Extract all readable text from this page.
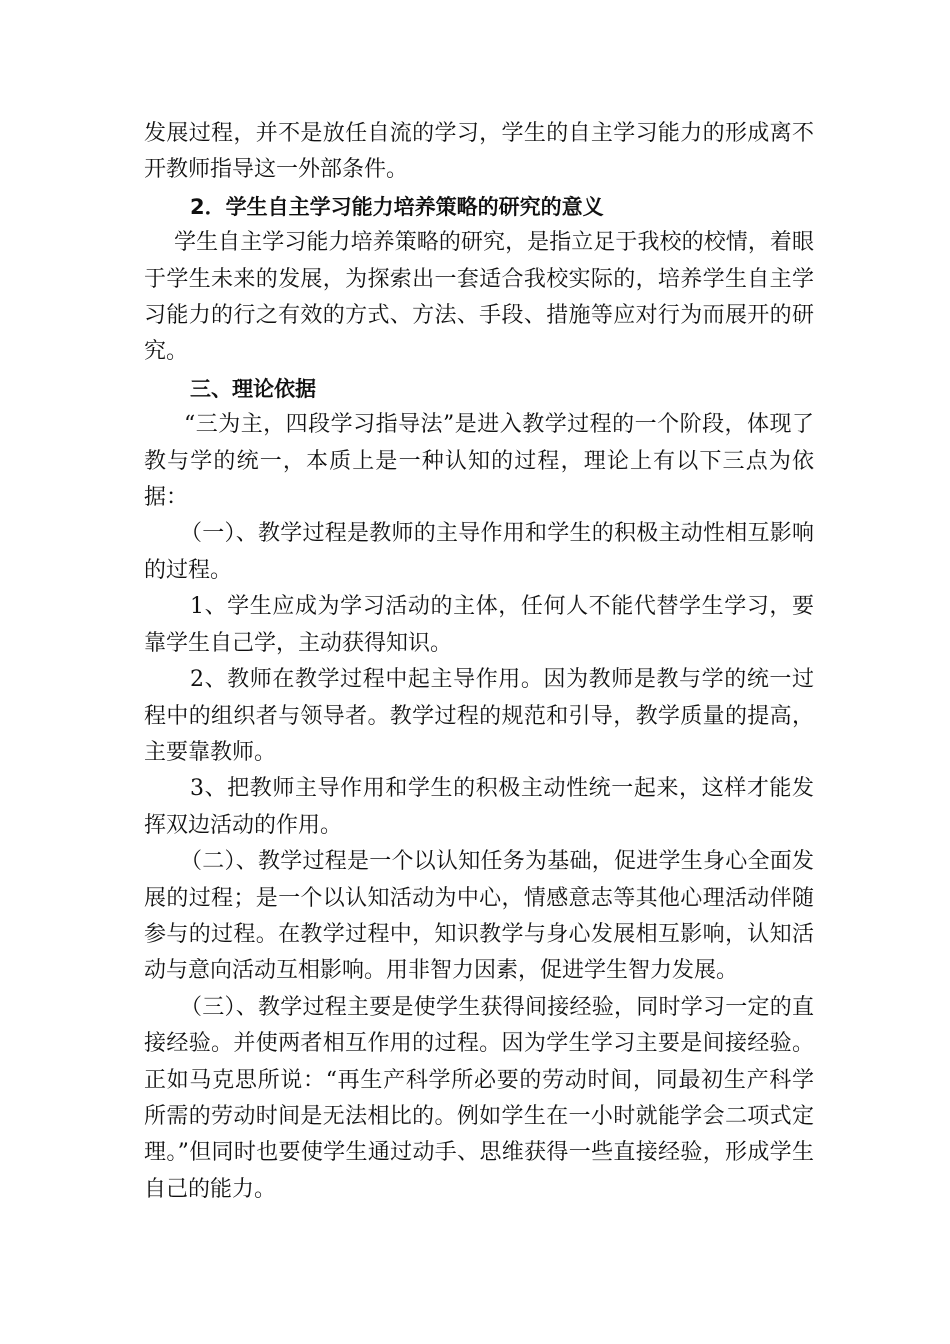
发展过程，并不是放任自流的学习，学生的自主学习能力的形成离不开教师指导这一外部条件。

2．学生自主学习能力培养策略的研究的意义

学生自主学习能力培养策略的研究，是指立足于我校的校情，着眼于学生未来的发展，为探索出一套适合我校实际的，培养学生自主学习能力的行之有效的方式、方法、手段、措施等应对行为而展开的研究。

三、理论依据

“三为主，四段学习指导法”是进入教学过程的一个阶段，体现了教与学的统一，本质上是一种认知的过程，理论上有以下三点为依据：

（一）、教学过程是教师的主导作用和学生的积极主动性相互影响的过程。

1、学生应成为学习活动的主体，任何人不能代替学生学习，要靠学生自己学，主动获得知识。

2、教师在教学过程中起主导作用。因为教师是教与学的统一过程中的组织者与领导者。教学过程的规范和引导，教学质量的提高，主要靠教师。

3、把教师主导作用和学生的积极主动性统一起来，这样才能发挥双边活动的作用。

（二）、教学过程是一个以认知任务为基础，促进学生身心全面发展的过程；是一个以认知活动为中心，情感意志等其他心理活动伴随参与的过程。在教学过程中，知识教学与身心发展相互影响，认知活动与意向活动互相影响。用非智力因素，促进学生智力发展。

（三）、教学过程主要是使学生获得间接经验，同时学习一定的直接经验。并使两者相互作用的过程。因为学生学习主要是间接经验。正如马克思所说：“再生产科学所必要的劳动时间，同最初生产科学所需的劳动时间是无法相比的。例如学生在一小时就能学会二项式定理。”但同时也要使学生通过动手、思维获得一些直接经验，形成学生自己的能力。
